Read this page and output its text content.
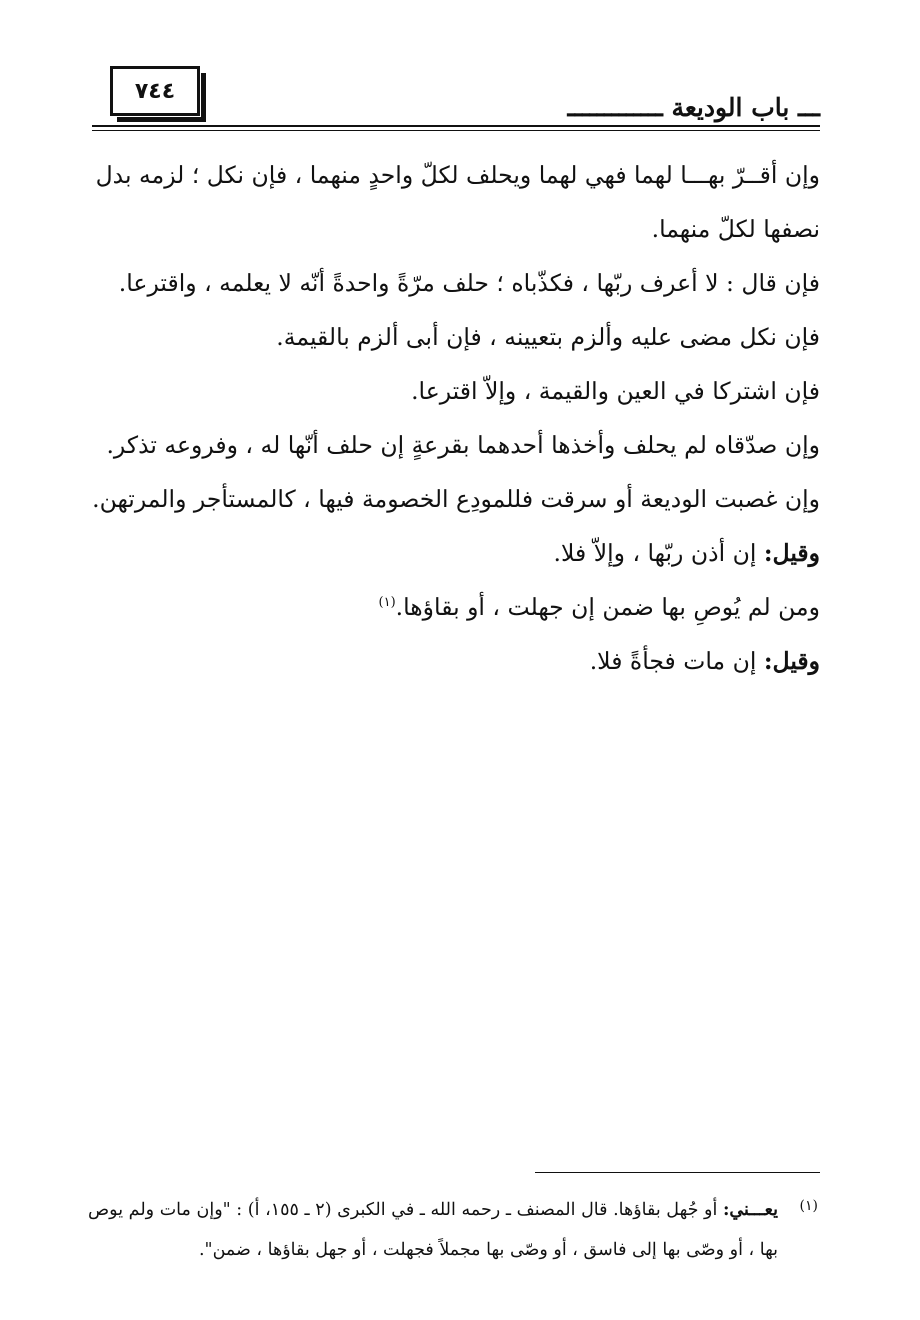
٧٤٤
ـــ باب الوديعة ـــــــــــــ

وإن أقــرّ بهـــا لهما فهي لهما ويحلف لكلّ واحدٍ منهما ، فإن نكل ؛ لزمه بدل

نصفها لكلّ منهما.

فإن قال : لا أعرف ربّها ، فكذّباه ؛ حلف مرّةً واحدةً أنّه لا يعلمه ، واقترعا.

فإن نكل مضى عليه وألزم بتعيينه ، فإن أبى ألزم بالقيمة.

فإن اشتركا في العين والقيمة ، وإلاّ اقترعا.

وإن صدّقاه لم يحلف وأخذها أحدهما بقرعةٍ إن حلف أنّها له ، وفروعه تذكر.

وإن غصبت الوديعة أو سرقت فللمودِع الخصومة فيها ، كالمستأجر والمرتهن.

وقيل: إن أذن ربّها ، وإلاّ فلا.

ومن لم يُوصِ بها ضمن إن جهلت ، أو بقاؤها.$^{(١)}$

وقيل: إن مات فجأةً فلا.

(١)

يعـــني: أو جُهل بقاؤها. قال المصنف ـ رحمه الله ـ في الكبرى (٢ ـ ١٥٥، أ) : "وإن مات ولم يوص بها ، أو وصّى بها إلى فاسق ، أو وصّى بها مجملاً فجهلت ، أو جهل بقاؤها ، ضمن".
